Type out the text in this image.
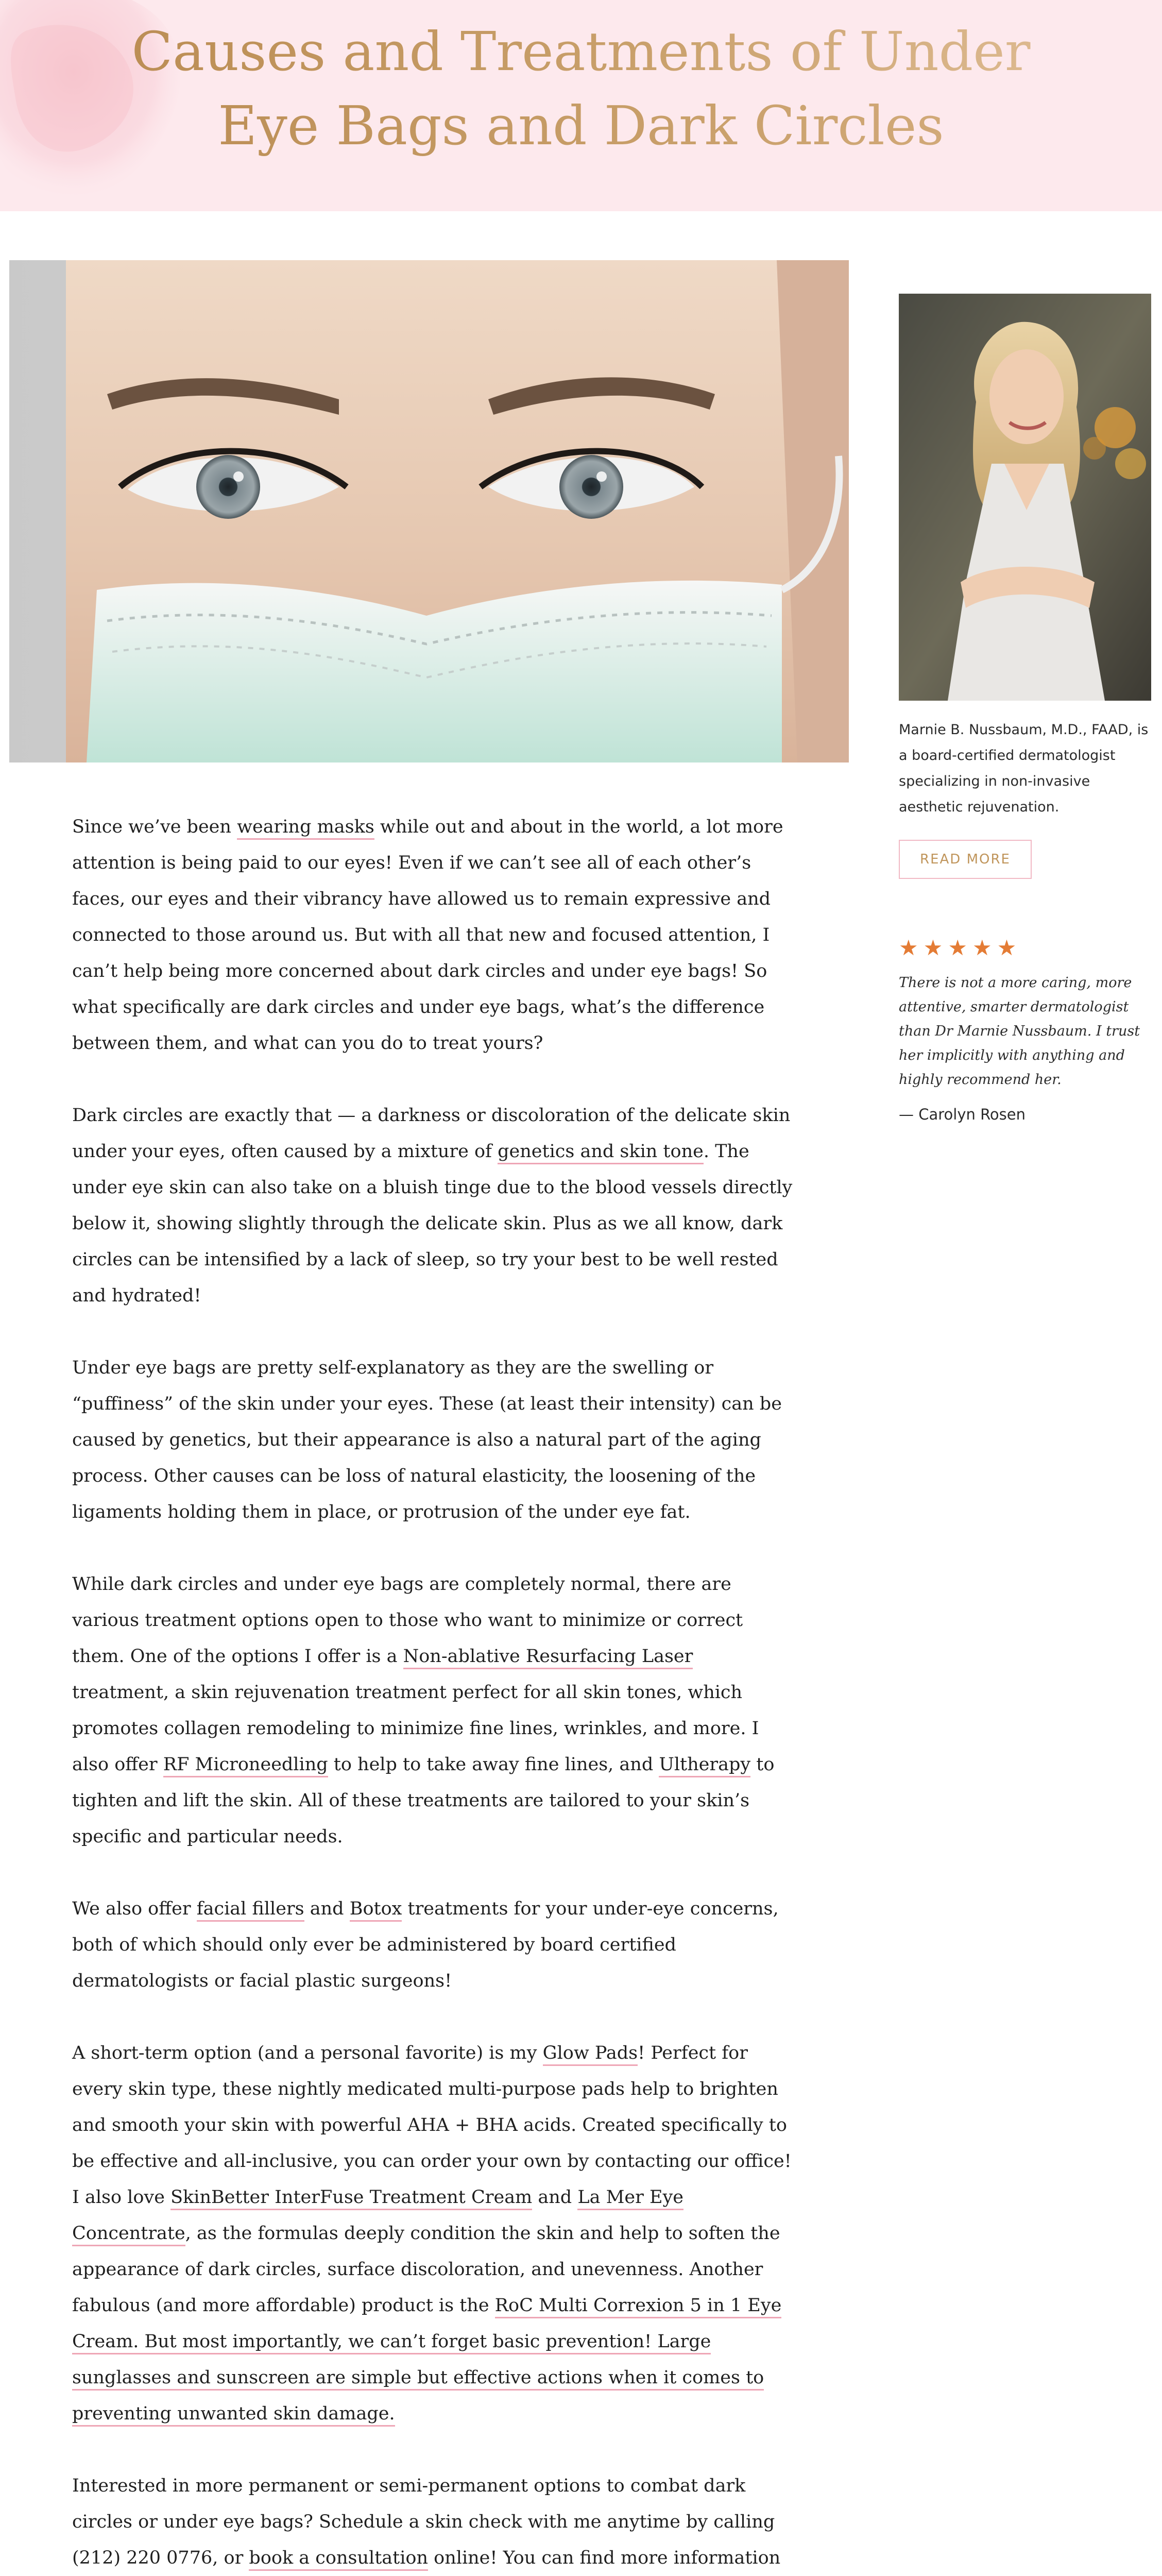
Causes and Treatments of Under
Eye Bags and Dark Circles

Since we’ve been wearing masks while out and about in the world, a lot more attention is being paid to our eyes! Even if we can’t see all of each other’s faces, our eyes and their vibrancy have allowed us to remain expressive and connected to those around us. But with all that new and focused attention, I can’t help being more concerned about dark circles and under eye bags! So what specifically are dark circles and under eye bags, what’s the difference between them, and what can you do to treat yours?

Dark circles are exactly that — a darkness or discoloration of the delicate skin under your eyes, often caused by a mixture of genetics and skin tone. The under eye skin can also take on a bluish tinge due to the blood vessels directly below it, showing slightly through the delicate skin. Plus as we all know, dark circles can be intensified by a lack of sleep, so try your best to be well rested and hydrated!

Under eye bags are pretty self-explanatory as they are the swelling or “puffiness” of the skin under your eyes. These (at least their intensity) can be caused by genetics, but their appearance is also a natural part of the aging process. Other causes can be loss of natural elasticity, the loosening of the ligaments holding them in place, or protrusion of the under eye fat.

While dark circles and under eye bags are completely normal, there are various treatment options open to those who want to minimize or correct them. One of the options I offer is a Non-ablative Resurfacing Laser treatment, a skin rejuvenation treatment perfect for all skin tones, which promotes collagen remodeling to minimize fine lines, wrinkles, and more. I also offer RF Microneedling to help to take away fine lines, and Ultherapy to tighten and lift the skin. All of these treatments are tailored to your skin’s specific and particular needs.

We also offer facial fillers and Botox treatments for your under-eye concerns, both of which should only ever be administered by board certified dermatologists or facial plastic surgeons!

A short-term option (and a personal favorite) is my Glow Pads! Perfect for every skin type, these nightly medicated multi-purpose pads help to brighten and smooth your skin with powerful AHA + BHA acids. Created specifically to be effective and all-inclusive, you can order your own by contacting our office! I also love SkinBetter InterFuse Treatment Cream and La Mer Eye Concentrate, as the formulas deeply condition the skin and help to soften the appearance of dark circles, surface discoloration, and unevenness. Another fabulous (and more affordable) product is the RoC Multi Correxion 5 in 1 Eye Cream. But most importantly, we can’t forget basic prevention! Large sunglasses and sunscreen are simple but effective actions when it comes to preventing unwanted skin damage.

Interested in more permanent or semi-permanent options to combat dark circles or under eye bags? Schedule a skin check with me anytime by calling (212) 220 0776, or book a consultation online! You can find more information

Marnie B. Nussbaum, M.D., FAAD, is a board-certified dermatologist specializing in non-invasive aesthetic rejuvenation.

READ MORE
★ ★ ★ ★ ★

There is not a more caring, more attentive, smarter dermatologist than Dr Marnie Nussbaum. I trust her implicitly with anything and highly recommend her.

— Carolyn Rosen
